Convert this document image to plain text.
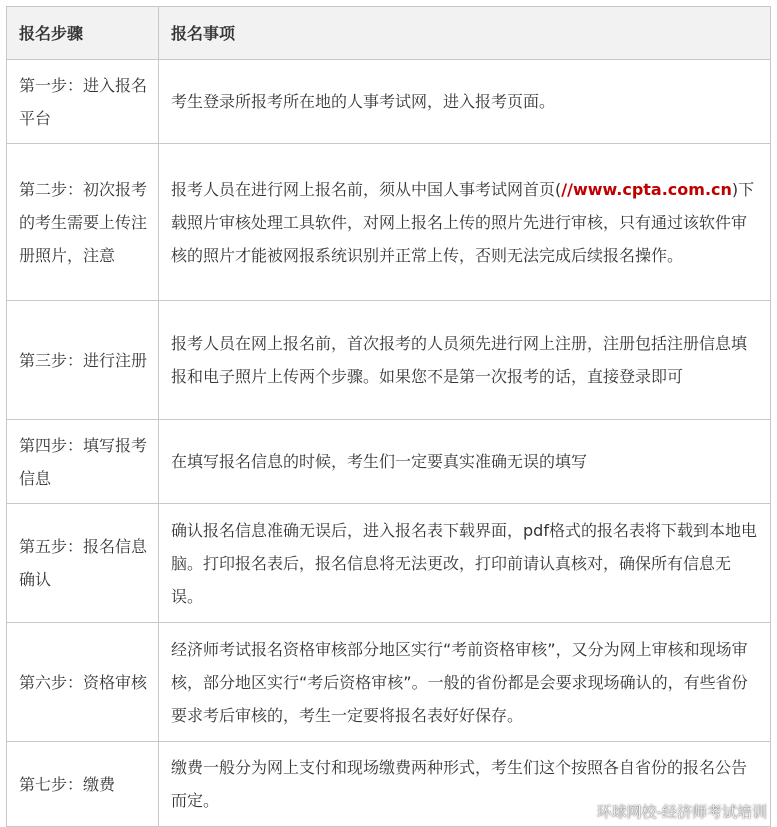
报名步骤	报名事项
第一步：进入报名平台	考生登录所报考所在地的人事考试网，进入报考页面。
第二步：初次报考的考生需要上传注册照片，注意	报考人员在进行网上报名前，须从中国人事考试网首页(//www.cpta.com.cn)下载照片审核处理工具软件，对网上报名上传的照片先进行审核，只有通过该软件审核的照片才能被网报系统识别并正常上传，否则无法完成后续报名操作。
第三步：进行注册	报考人员在网上报名前，首次报考的人员须先进行网上注册，注册包括注册信息填报和电子照片上传两个步骤。如果您不是第一次报考的话，直接登录即可
第四步：填写报考信息	在填写报名信息的时候，考生们一定要真实准确无误的填写
第五步：报名信息确认	确认报名信息准确无误后，进入报名表下载界面，pdf格式的报名表将下载到本地电脑。打印报名表后，报名信息将无法更改，打印前请认真核对，确保所有信息无误。
第六步：资格审核	经济师考试报名资格审核部分地区实行“考前资格审核”，又分为网上审核和现场审核，部分地区实行“考后资格审核”。一般的省份都是会要求现场确认的，有些省份要求考后审核的，考生一定要将报名表好好保存。
第七步：缴费	缴费一般分为网上支付和现场缴费两种形式，考生们这个按照各自省份的报名公告而定。
环球网校-经济师考试培训
